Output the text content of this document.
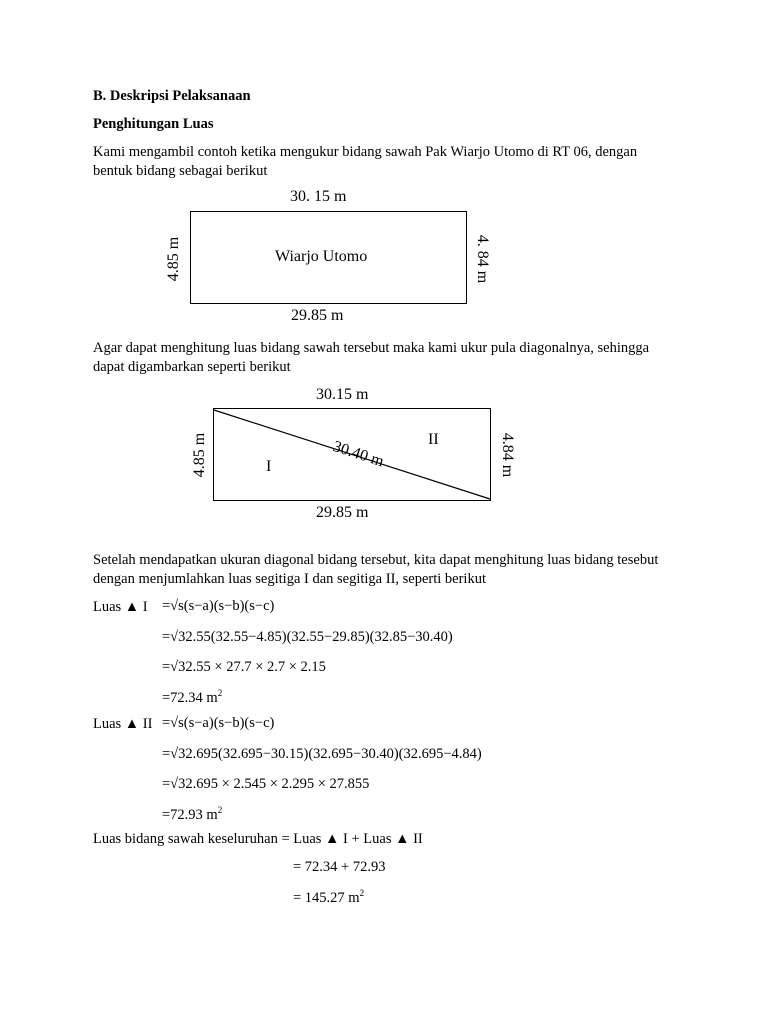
B. Deskripsi Pelaksanaan
Penghitungan Luas
Kami mengambil contoh ketika mengukur bidang sawah Pak Wiarjo Utomo di RT 06, dengan bentuk bidang sebagai berikut
30. 15 m
Wiarjo Utomo
4.85 m	4. 84 m
29.85 m
Agar dapat menghitung luas bidang sawah tersebut maka kami ukur pula diagonalnya, sehingga dapat digambarkan seperti berikut
30.15 m
30.40 m
I
II
4.85 m	4.84 m
29.85 m
Setelah mendapatkan ukuran diagonal bidang tersebut, kita dapat menghitung luas bidang tesebut dengan menjumlahkan luas segitiga I dan segitiga II, seperti berikut
Luas ▲ I =√s(s−a)(s−b)(s−c)
=√32.55(32.55−4.85)(32.55−29.85)(32.85−30.40)
=√32.55 × 27.7 × 2.7 × 2.15
=72.34 $m^2$
Luas ▲ II =√s(s−a)(s−b)(s−c)
=√32.695(32.695−30.15)(32.695−30.40)(32.695−4.84)
=√32.695 × 2.545 × 2.295 × 27.855
=72.93 $m^2$
Luas bidang sawah keseluruhan = Luas ▲ I + Luas ▲ II
= 72.34 + 72.93
= 145.27 $m^2$
